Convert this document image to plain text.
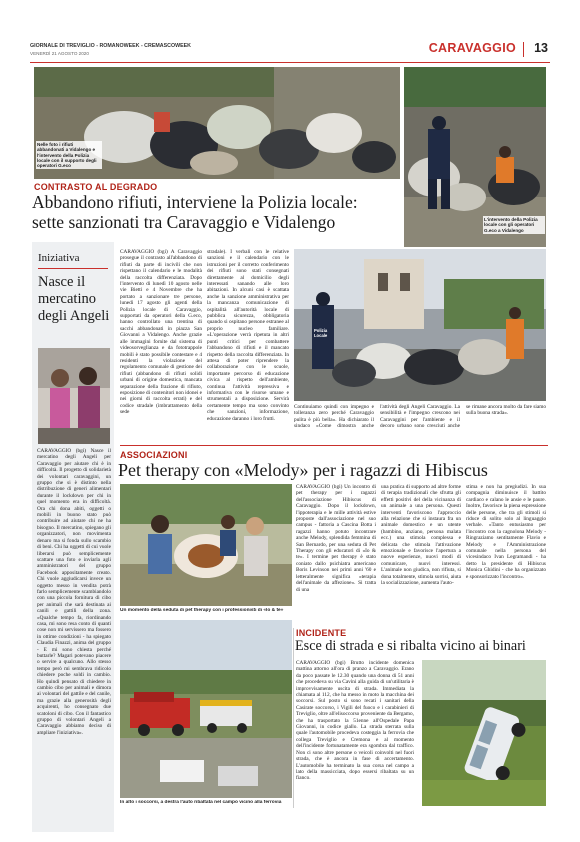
GIORNALE DI TREVIGLIO - ROMANOWEEK - CREMASCOWEEK
VENERDÌ 21 AGOSTO 2020	CARAVAGGIO 13
Nelle foto i rifiuti abbandonati a Vidalengo e l'intervento della Polizia locale con il supporto degli operatori G.eco
L'intervento della Polizia locale con gli operatori G.eco a Vidalengo
CONTRASTO AL DEGRADO
Abbandono rifiuti, interviene la Polizia locale:
sette sanzionati tra Caravaggio e Vidalengo
Iniziativa
Nasce il mercatino degli Angeli

CARAVAGGIO (bgi) Nasce il mercatino degli Angeli per Caravaggio per aiutare chi è in difficoltà. Il progetto di solidarietà dei volontari caravaggini, un gruppo che si è distinto nella distribuzione di generi alimentari durante il lockdown per chi in quel momento era in difficoltà. Ora chi dona abiti, oggetti o mobili in buono stato può contribuire ad aiutare chi ne ha bisogno. Il mercatino, spiegano gli organizzatori, non movimenta denaro ma si fonda sullo scambio di beni. Chi ha oggetti di cui vuole liberarsi può semplicemente scattare una foto e inviarla agli amministratori del gruppo Facebook appositamente creato. Chi vuole aggiudicarsi invece un oggetto messo in vendita potrà farlo semplicemente scambiandolo con una piccola fornitura di cibo per animali che sarà destinata ai canili e gattili della zona. «Qualche tempo fa, riordinando casa, mi sono resa conto di quanti cose non mi servissero ma fossero in ottime condizioni - ha spiegato Claudia Finazzi, anima del gruppo - E mi sono chiesta perché buttarle? Magari potevano piacere o servire a qualcuno. Allo stesso tempo però mi sembrava ridicolo chiedere poche soldi in cambio. Ho quindi pensato di chiedere in cambio cibo per animali e dimora ai volontari del gattile e del canile, ma grazie alla generosità degli acquirenti, ho consegnato due scatoloni di cibo. Con il fantastico gruppo di volontari Angeli a Caravaggio abbiamo deciso di ampliare l'iniziativa».

CARAVAGGIO (bgi) A Caravaggio prosegue il contrasto all'abbandono di rifiuti da parte di incivili che non rispettano il calendario e le modalità della raccolta differenziata. Dopo l'intervento di lunedì 10 agosto nelle vie Bietti e 4 Novembre che ha portato a sanzionare tre persone, lunedì 17 agosto gli agenti della Polizia locale di Caravaggio, supportati da operatori della G.eco, hanno controllato una trentina di sacchi abbandonati in piazza San Giovanni a Vidalengo. Anche grazie alle immagini fornite dal sistema di videosorveglianza e da fototrappole mobili è stato possibile contestare e 4 residenti la violazione del regolamento comunale di gestione dei rifiuti (abbandono di rifiuti solidi urbani di origine domestica, mancata separazione della frazione di rifiuto, esposizione di contenitori non idonei e nei giorni di raccolta errati) e del codice stradale (imbrattamento della sede

stradale). I verbali con le relative sanzioni e il calendario con le istruzioni per il corretto conferimento dei rifiuti sono stati consegnati direttamente al domicilio degli interessati sanando alle loro abitazioni. In alcuni casi è scattata anche la sanzione amministrativa per la mancanza comunicazione di ospitalità all'autorità locale di pubblica sicurezza, obbligatoria quando si ospitano persone estranee al proprio nucleo familiare. «L'operazione verrà ripetuta in altri punti critici per combattere l'abbandono di rifiuti e il mancato rispetto della raccolta differenziata. In attesa di poter riprendere la collaborazione con le scuole, importante percorso di educazione civica al rispetto dell'ambiente, continua l'attività repressiva e informativa con le risorse umane e strumentali a disposizione. Servirà certamente tempo ma sono convinto che sanzioni, informazione, educazione daranno i loro frutti.

Polizia Locale

Continuiamo quindi con impegno e tolleranza zero perché Caravaggio pulita è più bella». Ha dichiarato il sindaco «Come dimostra anche l'attività degli Angeli Caravaggio. La sensibilità e l'impegno crescono nei Caravaggini per l'ambiente e il decoro urbano sono cresciuti anche se rimane ancora molto da fare siamo sulla buona strada».

ASSOCIAZIONI
Pet therapy con «Melody» per i ragazzi di Hibiscus
Un momento della seduta di pet therapy con i professionisti di «lo & te»

CARAVAGGIO (bgi) Un incontro di pet therapy per i ragazzi dell'associazione Hibiscus di Caravaggio. Dopo il lockdown, l'ippoterapia e le mille attività estive proposte dall'associazione nel suo campus - fattoria a Cascina Botta i ragazzi hanno potuto incontrare anche Melody, splendida femmina di San Bernardo, per una seduta di Pet Therapy con gli educatori di «Io & te». I termine pet therapy è stato coniato dallo psichiatra americano Boris Levinson nei primi anni '60 e letteralmente significa «terapia dell'animale da affezione». Si tratta di una

una pratica di supporto ad altre forme di terapia tradizionali che sfrutta gli effetti positivi del della vicinanza di un animale a una persona. Questi interventi favoriscono l'approccio alla relazione che si instaura fra un animale domestico e un utente (bambino, anziano, persona malata ecc.) una stimola complessa e delicata che stimola l'attivazione emozionale e favorisce l'apertura a nuove esperienze, nuovi modi di comunicare, nuovi interessi. L'animale non giudica, non rifiuta, si dona totalmente, stimola sorrisi, aiuta la socializzazione, aumenta l'auto-

stima e non ha pregiudizi. In sua compagnia diminuisce il battito cardiaco e calano le ansie e le paure. Inoltre, favorisce la piena espressione delle persone, che tra gli stimoli si riduce di solito solo al linguaggio verbale. «Tanto entusiasmo per l'incontro con la cagnolona Melody - Ringraziamo sentitamente Flavio e Melody e l'Amministrazione comunale nella persona del vicesindaco Ivan Legramandi - ha detto la presidente di Hibiscus Monica Ghidini - che ha organizzato e sponsorizzato l'incontro».

In alto i soccorsi, a destra l'auto ribaltata nel campo vicino alla ferrovia
INCIDENTE
Esce di strada e si ribalta vicino ai binari

CARAVAGGIO (bgi) Brutto incidente domenica mattina attorno all'ora di pranzo a Caravaggio. Erano da poco passate le 12.30 quando una donna di 51 anni che procedeva su via Cavini alla guida di un'utilitaria è improvvisamente uscita di strada. Immediata la chiamata al 112, che ha messo in moto la macchina dei soccorsi. Sul posto si sono recati i sanitari della Casirate soccorso, i Vigili del fuoco e i carabinieri di Treviglio, oltre all'elisoccorso proveniente da Bergamo, che ha trasportato la 51enne all'Ospedale Papa Giovanni, in codice giallo. La strada sterrata sulla quale l'automobile procedeva costeggia la ferrovia che collega Treviglio e Cremona e al momento dell'incidente fortunatamente era sgombra dal traffico. Non ci sono altre persone o veicoli coinvolti nel fuori strada, che è ancora in fase di accertamento. L'automobile ha terminato la sua corsa nel campo a lato della massicciata, dopo essersi ribaltata su un fianco.
